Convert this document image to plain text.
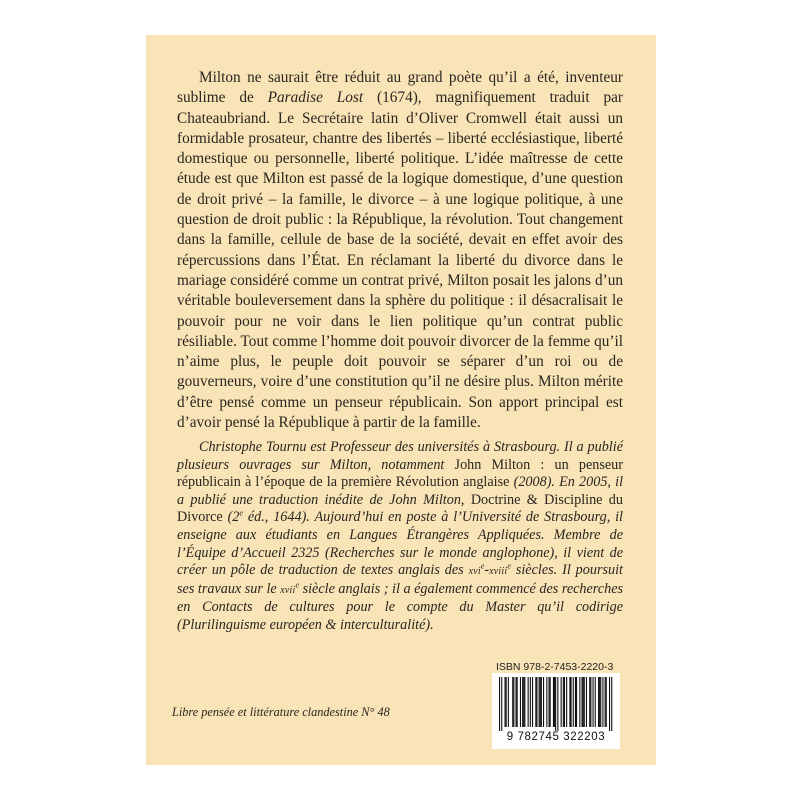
Milton ne saurait être réduit au grand poète qu’il a été, inventeur sublime de Paradise Lost (1674), magnifiquement traduit par Chateaubriand. Le Secrétaire latin d’Oliver Cromwell était aussi un formidable prosateur, chantre des libertés – liberté ecclésiastique, liberté domestique ou personnelle, liberté politique. L’idée maîtresse de cette étude est que Milton est passé de la logique domestique, d’une question de droit privé – la famille, le divorce – à une logique politique, à une question de droit public : la République, la révolution. Tout changement dans la famille, cellule de base de la société, devait en effet avoir des répercussions dans l’État. En réclamant la liberté du divorce dans le mariage considéré comme un contrat privé, Milton posait les jalons d’un véritable bouleversement dans la sphère du politique : il désacralisait le pouvoir pour ne voir dans le lien politique qu’un contrat public résiliable. Tout comme l’homme doit pouvoir divorcer de la femme qu’il n’aime plus, le peuple doit pouvoir se séparer d’un roi ou de gouverneurs, voire d’une constitution qu’il ne désire plus. Milton mérite d’être pensé comme un penseur républicain. Son apport principal est d’avoir pensé la République à partir de la famille.

Christophe Tournu est Professeur des universités à Strasbourg. Il a publié plusieurs ouvrages sur Milton, notamment John Milton : un penseur républicain à l’époque de la première Révolution anglaise (2008). En 2005, il a publié une traduction inédite de John Milton, Doctrine & Discipline du Divorce (2e éd., 1644). Aujourd’hui en poste à l’Université de Strasbourg, il enseigne aux étudiants en Langues Étrangères Appliquées. Membre de l’Équipe d’Accueil 2325 (Recherches sur le monde anglophone), il vient de créer un pôle de traduction de textes anglais des xvi$^e$-xviii$^e$ siècles. Il poursuit ses travaux sur le xvii$^e$ siècle anglais ; il a également commencé des recherches en Contacts de cultures pour le compte du Master qu’il codirige (Plurilinguisme européen & interculturalité).

ISBN 978-2-7453-2220-3
9 782745 322203
Libre pensée et littérature clandestine N° 48
